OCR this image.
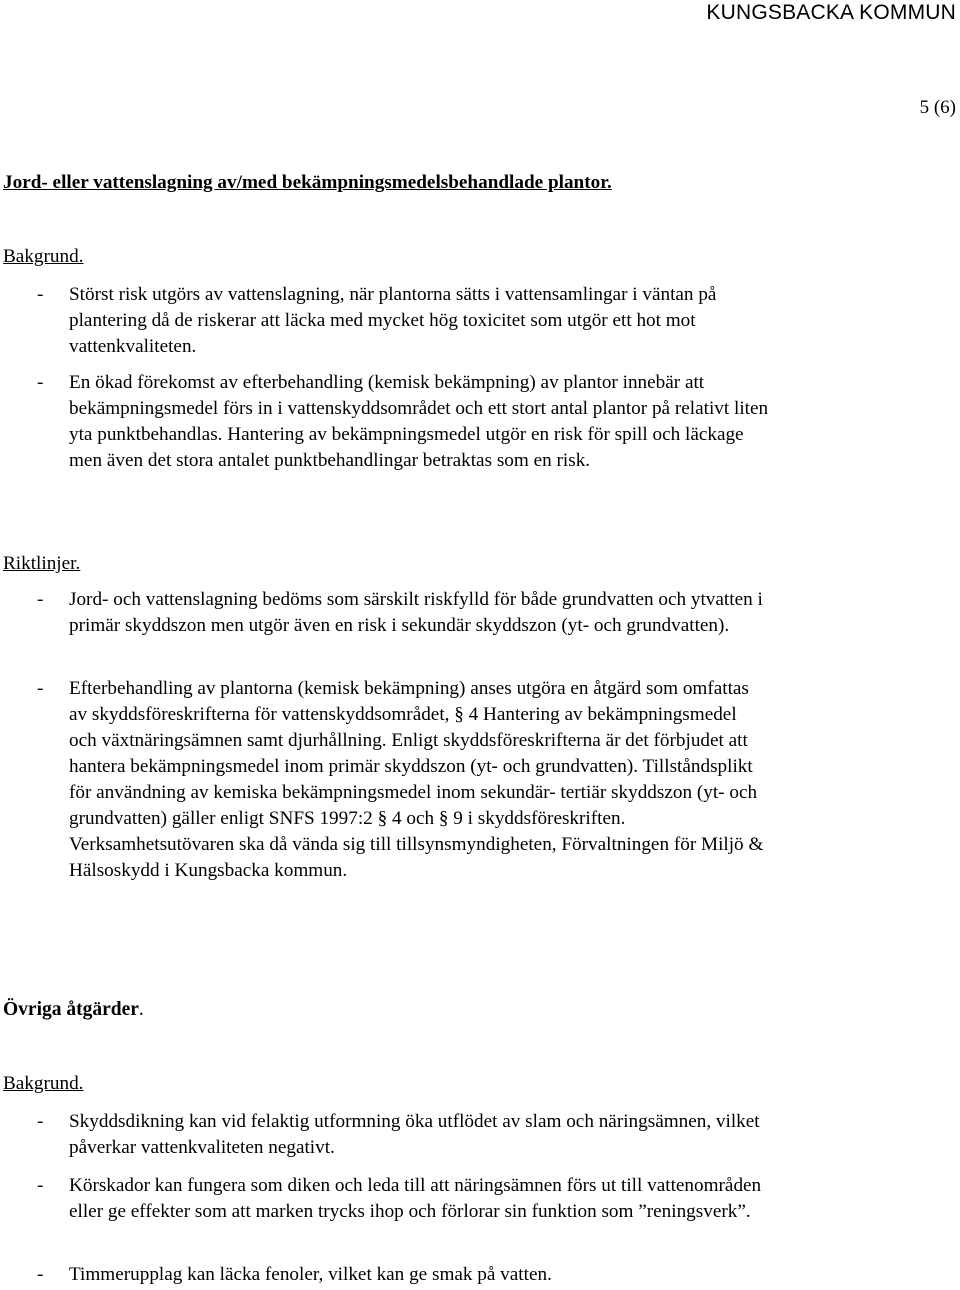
KUNGSBACKA KOMMUN
5 (6)
Jord- eller vattenslagning av/med bekämpningsmedelsbehandlade plantor.
Bakgrund.
- Störst risk utgörs av vattenslagning, när plantorna sätts i vattensamlingar i väntan på plantering då de riskerar att läcka med mycket hög toxicitet som utgör ett hot mot vattenkvaliteten.
- En ökad förekomst av efterbehandling (kemisk bekämpning) av plantor innebär att bekämpningsmedel förs in i vattenskyddsområdet och ett stort antal plantor på relativt liten yta punktbehandlas. Hantering av bekämpningsmedel utgör en risk för spill och läckage men även det stora antalet punktbehandlingar betraktas som en risk.
Riktlinjer.
- Jord- och vattenslagning bedöms som särskilt riskfylld för både grundvatten och ytvatten i primär skyddszon men utgör även en risk i sekundär skyddszon (yt- och grundvatten).
- Efterbehandling av plantorna (kemisk bekämpning) anses utgöra en åtgärd som omfattas av skyddsföreskrifterna för vattenskyddsområdet, § 4 Hantering av bekämpningsmedel och växtnäringsämnen samt djurhållning. Enligt skyddsföreskrifterna är det förbjudet att hantera bekämpningsmedel inom primär skyddszon (yt- och grundvatten). Tillståndsplikt för användning av kemiska bekämpningsmedel inom sekundär- tertiär skyddszon (yt- och grundvatten) gäller enligt SNFS 1997:2 § 4 och § 9 i skyddsföreskriften. Verksamhetsutövaren ska då vända sig till tillsynsmyndigheten, Förvaltningen för Miljö & Hälsoskydd i Kungsbacka kommun.
Övriga åtgärder.
Bakgrund.
- Skyddsdikning kan vid felaktig utformning öka utflödet av slam och näringsämnen, vilket påverkar vattenkvaliteten negativt.
- Körskador kan fungera som diken och leda till att näringsämnen förs ut till vattenområden eller ge effekter som att marken trycks ihop och förlorar sin funktion som ”reningsverk”.
- Timmerupplag kan läcka fenoler, vilket kan ge smak på vatten.
